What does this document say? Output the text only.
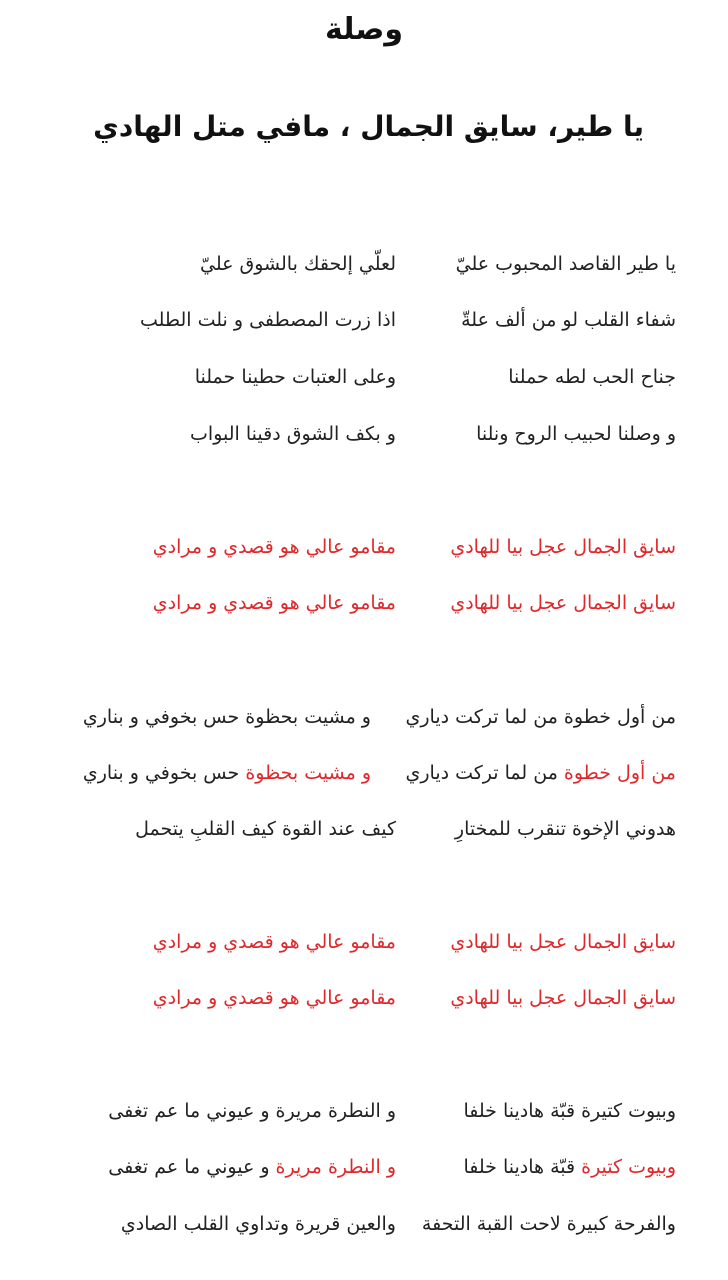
وصلة
يا طير، سايق الجمال ، مافي متل الهادي
يا طير القاصد المحبوب عليّ
لعلّي إلحقك بالشوق عليّ
شفاء القلب لو من ألف علةّ
اذا زرت المصطفى و نلت الطلب
جناح الحب لطه حملنا
وعلى العتبات حطينا حملنا
و وصلنا لحبيب الروح ونلنا
و بكف الشوق دقينا البواب
سايق الجمال عجل بيا للهادي
مقامو عالي هو قصدي و مرادي
سايق الجمال عجل بيا للهادي
مقامو عالي هو قصدي و مرادي
من أول خطوة من لما تركت دياري
و مشيت بحظوة حس بخوفي و بناري
من أول خطوة من لما تركت دياري
و مشيت بحظوة حس بخوفي و بناري
هدوني الإخوة تنقرب للمختارِ
كيف عند القوة كيف القلبِ يتحمل
سايق الجمال عجل بيا للهادي
مقامو عالي هو قصدي و مرادي
سايق الجمال عجل بيا للهادي
مقامو عالي هو قصدي و مرادي
وبيوت كتيرة قبّة هادينا خلفا
و النطرة مريرة و عيوني ما عم تغفى
وبيوت كتيرة قبّة هادينا خلفا
و النطرة مريرة و عيوني ما عم تغفى
والفرحة كبيرة لاحت القبة التحفة
والعين قريرة وتداوي القلب الصادي
